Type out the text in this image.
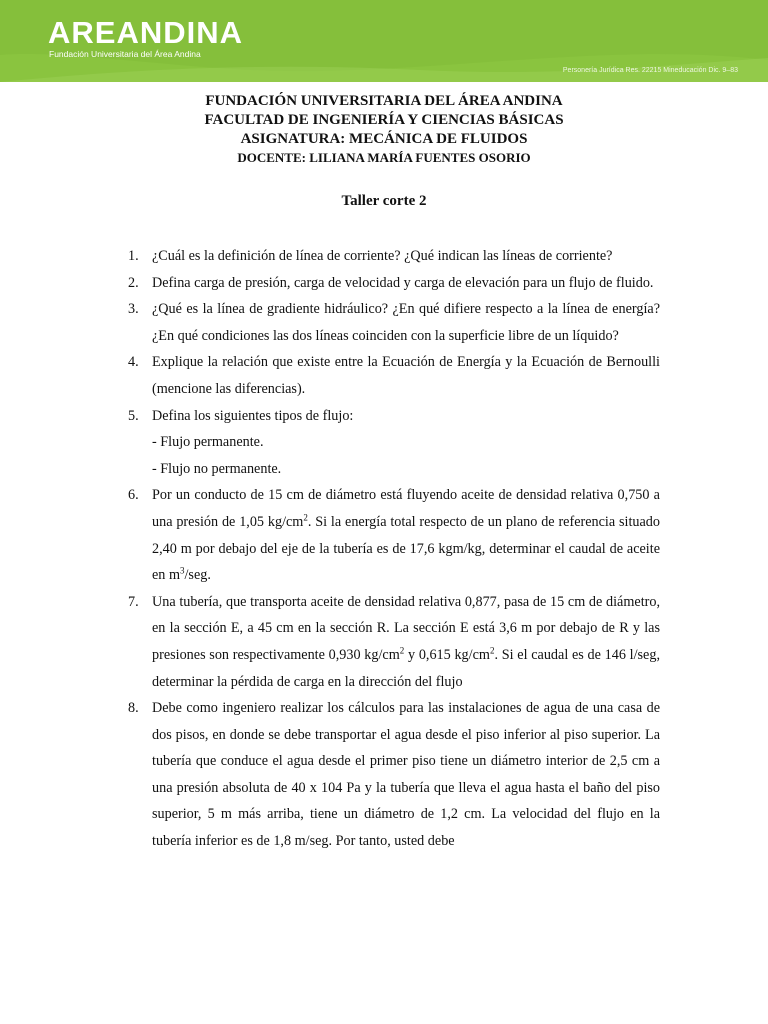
AREANDINA
Fundación Universitaria del Área Andina
Personería Jurídica Res. 22215 Mineducación Dic. 9–83
FUNDACIÓN UNIVERSITARIA DEL ÁREA ANDINA
FACULTAD DE INGENIERÍA Y CIENCIAS BÁSICAS
ASIGNATURA: MECÁNICA DE FLUIDOS
DOCENTE: LILIANA MARÍA FUENTES OSORIO
Taller corte 2
1. ¿Cuál es la definición de línea de corriente? ¿Qué indican las líneas de corriente?
2. Defina carga de presión, carga de velocidad y carga de elevación para un flujo de fluido.
3. ¿Qué es la línea de gradiente hidráulico? ¿En qué difiere respecto a la línea de energía? ¿En qué condiciones las dos líneas coinciden con la superficie libre de un líquido?
4. Explique la relación que existe entre la Ecuación de Energía y la Ecuación de Bernoulli (mencione las diferencias).
5. Defina los siguientes tipos de flujo:
- Flujo permanente.
- Flujo no permanente.
6. Por un conducto de 15 cm de diámetro está fluyendo aceite de densidad relativa 0,750 a una presión de 1,05 $kg/cm^2$. Si la energía total respecto de un plano de referencia situado 2,40 m por debajo del eje de la tubería es de 17,6 kgm/kg, determinar el caudal de aceite en $m^3$/seg.
7. Una tubería, que transporta aceite de densidad relativa 0,877, pasa de 15 cm de diámetro, en la sección E, a 45 cm en la sección R. La sección E está 3,6 m por debajo de R y las presiones son respectivamente 0,930 $kg/cm^2$ y 0,615 $kg/cm^2$. Si el caudal es de 146 l/seg, determinar la pérdida de carga en la dirección del flujo
8. Debe como ingeniero realizar los cálculos para las instalaciones de agua de una casa de dos pisos, en donde se debe transportar el agua desde el piso inferior al piso superior. La tubería que conduce el agua desde el primer piso tiene un diámetro interior de 2,5 cm a una presión absoluta de 40 x 104 Pa y la tubería que lleva el agua hasta el baño del piso superior, 5 m más arriba, tiene un diámetro de 1,2 cm. La velocidad del flujo en la tubería inferior es de 1,8 m/seg. Por tanto, usted debe
